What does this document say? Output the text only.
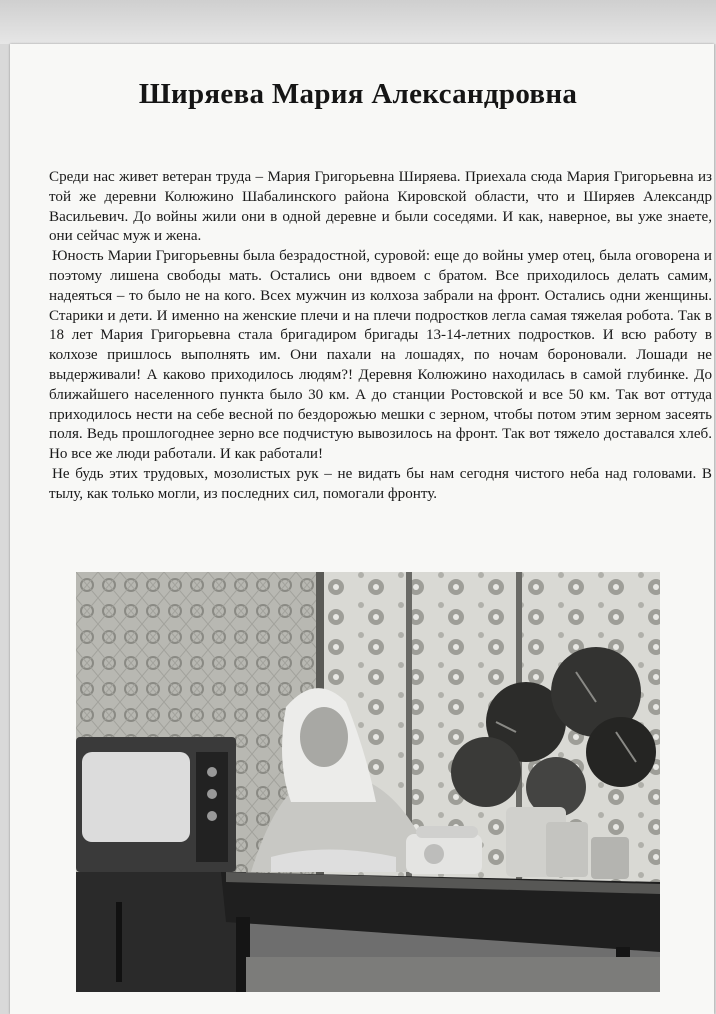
Ширяева Мария Александровна

Среди нас живет ветеран труда – Мария Григорьевна Ширяева. Приехала сюда Мария Григорьевна из той же деревни Колюжино Шабалинского района Кировской области, что и Ширяев Александр Васильевич. До войны жили они в одной деревне и были соседями. И как, наверное, вы уже знаете, они сейчас муж и жена.

Юность Марии Григорьевны была безрадостной, суровой: еще до войны умер отец, была оговорена и поэтому лишена свободы мать. Остались они вдвоем с братом. Все приходилось делать самим, надеяться – то было не на кого. Всех мужчин из колхоза забрали на фронт. Остались одни женщины. Старики и дети. И именно на женские плечи и на плечи подростков легла самая тяжелая робота. Так в 18 лет Мария Григорьевна стала бригадиром бригады 13-14-летних подростков. И всю работу в колхозе пришлось выполнять им. Они пахали на лошадях, по ночам бороновали. Лошади не выдерживали! А каково приходилось людям?! Деревня Колюжино находилась в самой глубинке. До ближайшего населенного пункта было 30 км. А до станции Ростовской и все 50 км. Так вот оттуда приходилось нести на себе весной по бездорожью мешки с зерном, чтобы потом этим зерном засеять поля. Ведь прошлогоднее зерно все подчистую вывозилось на фронт. Так вот тяжело доставался хлеб. Но все же люди работали. И как работали!

Не будь этих трудовых, мозолистых рук – не видать бы нам сегодня чистого неба над головами. В тылу, как только могли, из последних сил, помогали фронту.
